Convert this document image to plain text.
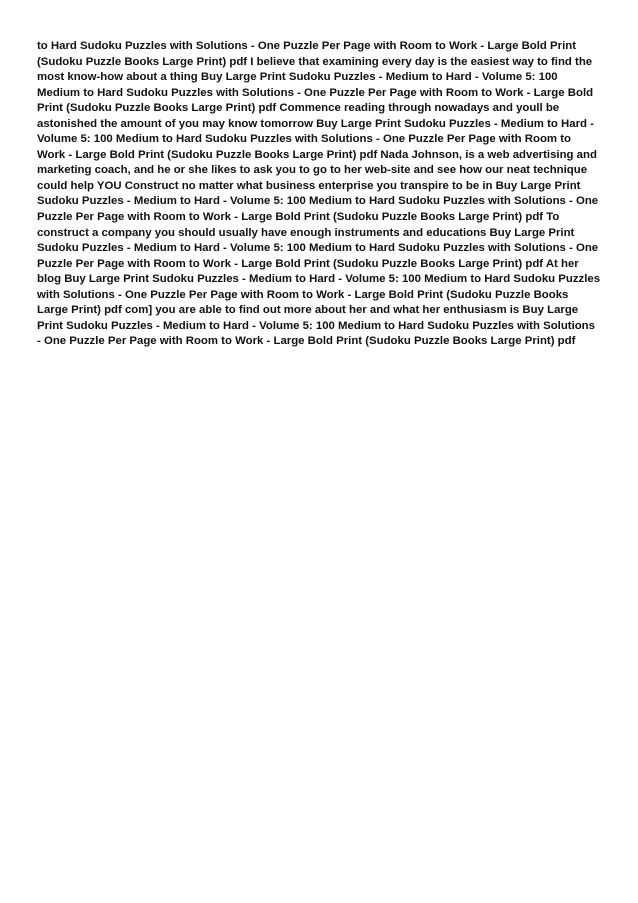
to Hard Sudoku Puzzles with Solutions - One Puzzle Per Page with Room to Work - Large Bold Print (Sudoku Puzzle Books Large Print) pdf I believe that examining every day is the easiest way to find the most know-how about a thing Buy Large Print Sudoku Puzzles - Medium to Hard - Volume 5: 100 Medium to Hard Sudoku Puzzles with Solutions - One Puzzle Per Page with Room to Work - Large Bold Print (Sudoku Puzzle Books Large Print) pdf Commence reading through nowadays and youll be astonished the amount of you may know tomorrow Buy Large Print Sudoku Puzzles - Medium to Hard - Volume 5: 100 Medium to Hard Sudoku Puzzles with Solutions - One Puzzle Per Page with Room to Work - Large Bold Print (Sudoku Puzzle Books Large Print) pdf Nada Johnson, is a web advertising and marketing coach, and he or she likes to ask you to go to her web-site and see how our neat technique could help YOU Construct no matter what business enterprise you transpire to be in Buy Large Print Sudoku Puzzles - Medium to Hard - Volume 5: 100 Medium to Hard Sudoku Puzzles with Solutions - One Puzzle Per Page with Room to Work - Large Bold Print (Sudoku Puzzle Books Large Print) pdf To construct a company you should usually have enough instruments and educations Buy Large Print Sudoku Puzzles - Medium to Hard - Volume 5: 100 Medium to Hard Sudoku Puzzles with Solutions - One Puzzle Per Page with Room to Work - Large Bold Print (Sudoku Puzzle Books Large Print) pdf At her blog Buy Large Print Sudoku Puzzles - Medium to Hard - Volume 5: 100 Medium to Hard Sudoku Puzzles with Solutions - One Puzzle Per Page with Room to Work - Large Bold Print (Sudoku Puzzle Books Large Print) pdf com] you are able to find out more about her and what her enthusiasm is Buy Large Print Sudoku Puzzles - Medium to Hard - Volume 5: 100 Medium to Hard Sudoku Puzzles with Solutions - One Puzzle Per Page with Room to Work - Large Bold Print (Sudoku Puzzle Books Large Print) pdf
